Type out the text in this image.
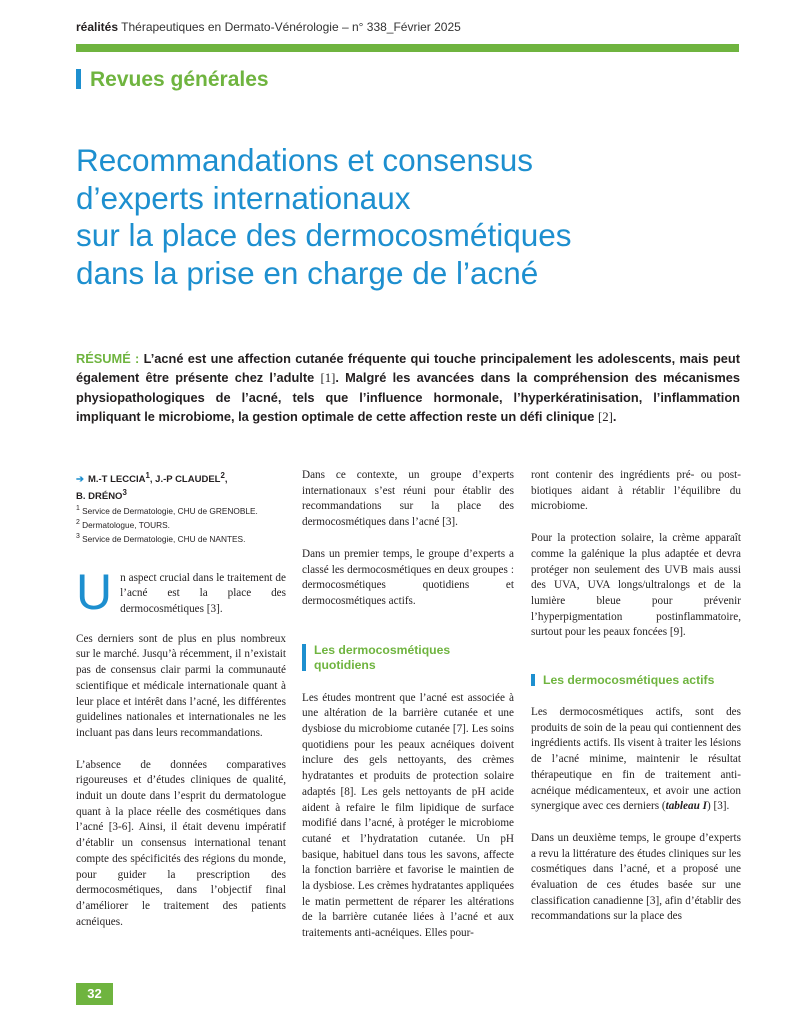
réalités Thérapeutiques en Dermato-Vénérologie – n° 338_Février 2025
Revues générales
Recommandations et consensus
d’experts internationaux
sur la place des dermocosmétiques
dans la prise en charge de l’acné
RÉSUMÉ : L’acné est une affection cutanée fréquente qui touche principalement les adolescents, mais peut également être présente chez l’adulte [1]. Malgré les avancées dans la compréhension des mécanismes physiopathologiques de l’acné, tels que l’influence hormonale, l’hyperkératinisation, l’inflammation impliquant le microbiome, la gestion optimale de cette affection reste un défi clinique [2].
➔ M.-T LECCIA$^1$, J.-P CLAUDEL$^2$,
B. DRÉNO$^3$
$^1$ Service de Dermatologie, CHU de GRENOBLE.
$^2$ Dermatologue, TOURS.
$^3$ Service de Dermatologie, CHU de NANTES.
U n aspect crucial dans le traitement de l’acné est la place des dermocosmétiques [3].

Ces derniers sont de plus en plus nombreux sur le marché. Jusqu’à récemment, il n’existait pas de consensus clair parmi la communauté scientifique et médicale internationale quant à leur place et intérêt dans l’acné, les différentes guidelines nationales et internationales ne les incluant pas dans leurs recommandations.

L’absence de données comparatives rigoureuses et d’études cliniques de qualité, induit un doute dans l’esprit du dermatologue quant à la place réelle des cosmétiques dans l’acné [3-6]. Ainsi, il était devenu impératif d’établir un consensus international tenant compte des spécificités des régions du monde, pour guider la prescription des dermocosmétiques, dans l’objectif final d’améliorer le traitement des patients acnéiques.

Dans ce contexte, un groupe d’experts internationaux s’est réuni pour établir des recommandations sur la place des dermocosmétiques dans l’acné [3].

Dans un premier temps, le groupe d’experts a classé les dermocosmétiques en deux groupes : dermocosmétiques quotidiens et dermocosmétiques actifs.

Les dermocosmétiques quotidiens

Les études montrent que l’acné est associée à une altération de la barrière cutanée et une dysbiose du microbiome cutanée [7]. Les soins quotidiens pour les peaux acnéiques doivent inclure des gels nettoyants, des crèmes hydratantes et produits de protection solaire adaptés [8]. Les gels nettoyants de pH acide aident à refaire le film lipidique de surface modifié dans l’acné, à protéger le microbiome cutané et l’hydratation cutanée. Un pH basique, habituel dans tous les savons, affecte la fonction barrière et favorise le maintien de la dysbiose. Les crèmes hydratantes appliquées le matin permettent de réparer les altérations de la barrière cutanée liées à l’acné et aux traitements anti-acnéiques. Elles pour-

ront contenir des ingrédients pré- ou post-biotiques aidant à rétablir l’équilibre du microbiome.

Pour la protection solaire, la crème apparaît comme la galénique la plus adaptée et devra protéger non seulement des UVB mais aussi des UVA, UVA longs/ultralongs et de la lumière bleue pour prévenir l’hyperpigmentation postinflammatoire, surtout pour les peaux foncées [9].

Les dermocosmétiques actifs

Les dermocosmétiques actifs, sont des produits de soin de la peau qui contiennent des ingrédients actifs. Ils visent à traiter les lésions de l’acné minime, maintenir le résultat thérapeutique en fin de traitement anti-acnéique médicamenteux, et avoir une action synergique avec ces derniers (tableau I) [3].

Dans un deuxième temps, le groupe d’experts a revu la littérature des études cliniques sur les cosmétiques dans l’acné, et a proposé une évaluation de ces études basée sur une classification canadienne [3], afin d’établir des recommandations sur la place des

32
